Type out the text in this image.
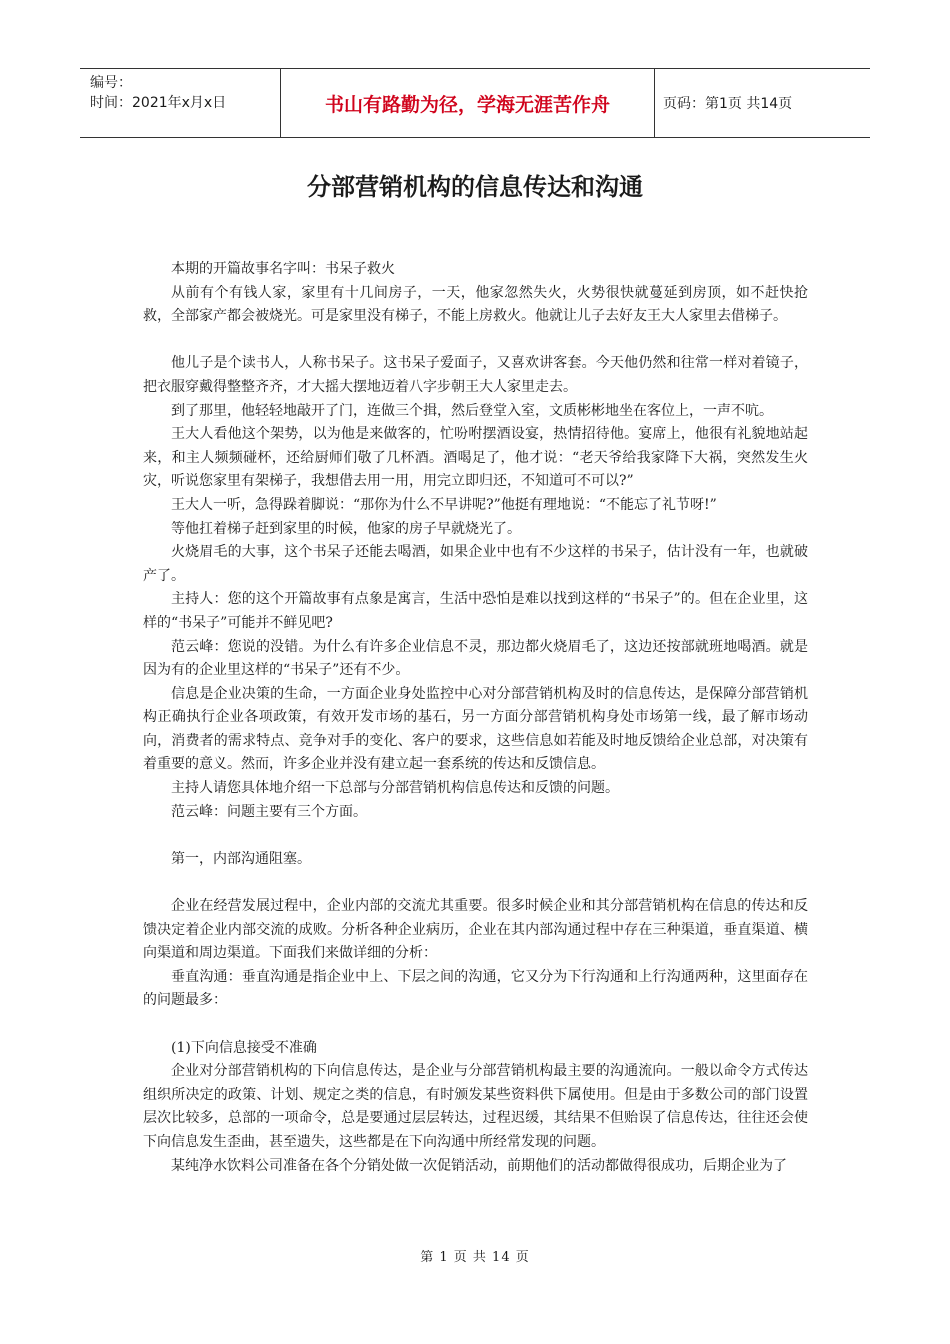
编号：
时间：2021年x月x日	书山有路勤为径，学海无涯苦作舟	页码：第1页 共14页
分部营销机构的信息传达和沟通

本期的开篇故事名字叫：书呆子救火

从前有个有钱人家，家里有十几间房子，一天，他家忽然失火，火势很快就蔓延到房顶，如不赶快抢救，全部家产都会被烧光。可是家里没有梯子，不能上房救火。他就让儿子去好友王大人家里去借梯子。

他儿子是个读书人，人称书呆子。这书呆子爱面子，又喜欢讲客套。今天他仍然和往常一样对着镜子，把衣服穿戴得整整齐齐，才大摇大摆地迈着八字步朝王大人家里走去。

到了那里，他轻轻地敲开了门，连做三个揖，然后登堂入室，文质彬彬地坐在客位上，一声不吭。

王大人看他这个架势，以为他是来做客的，忙吩咐摆酒设宴，热情招待他。宴席上，他很有礼貌地站起来，和主人频频碰杯，还给厨师们敬了几杯酒。酒喝足了，他才说：“老天爷给我家降下大祸，突然发生火灾，听说您家里有架梯子，我想借去用一用，用完立即归还，不知道可不可以?”

王大人一听，急得跺着脚说：“那你为什么不早讲呢?”他挺有理地说：“不能忘了礼节呀!”

等他扛着梯子赶到家里的时候，他家的房子早就烧光了。

火烧眉毛的大事，这个书呆子还能去喝酒，如果企业中也有不少这样的书呆子，估计没有一年，也就破产了。

主持人：您的这个开篇故事有点象是寓言，生活中恐怕是难以找到这样的“书呆子”的。但在企业里，这样的“书呆子”可能并不鲜见吧?

范云峰：您说的没错。为什么有许多企业信息不灵，那边都火烧眉毛了，这边还按部就班地喝酒。就是因为有的企业里这样的“书呆子”还有不少。

信息是企业决策的生命，一方面企业身处监控中心对分部营销机构及时的信息传达，是保障分部营销机构正确执行企业各项政策，有效开发市场的基石，另一方面分部营销机构身处市场第一线，最了解市场动向，消费者的需求特点、竞争对手的变化、客户的要求，这些信息如若能及时地反馈给企业总部，对决策有着重要的意义。然而，许多企业并没有建立起一套系统的传达和反馈信息。

主持人请您具体地介绍一下总部与分部营销机构信息传达和反馈的问题。

范云峰：问题主要有三个方面。

第一，内部沟通阻塞。

企业在经营发展过程中，企业内部的交流尤其重要。很多时候企业和其分部营销机构在信息的传达和反馈决定着企业内部交流的成败。分析各种企业病历，企业在其内部沟通过程中存在三种渠道，垂直渠道、横向渠道和周边渠道。下面我们来做详细的分析：

垂直沟通：垂直沟通是指企业中上、下层之间的沟通，它又分为下行沟通和上行沟通两种，这里面存在的问题最多：

(1)下向信息接受不准确

企业对分部营销机构的下向信息传达，是企业与分部营销机构最主要的沟通流向。一般以命令方式传达组织所决定的政策、计划、规定之类的信息，有时颁发某些资料供下属使用。但是由于多数公司的部门设置层次比较多，总部的一项命令，总是要通过层层转达，过程迟缓，其结果不但贻误了信息传达，往往还会使下向信息发生歪曲，甚至遗失，这些都是在下向沟通中所经常发现的问题。

某纯净水饮料公司准备在各个分销处做一次促销活动，前期他们的活动都做得很成功，后期企业为了

第 1 页 共 14 页
